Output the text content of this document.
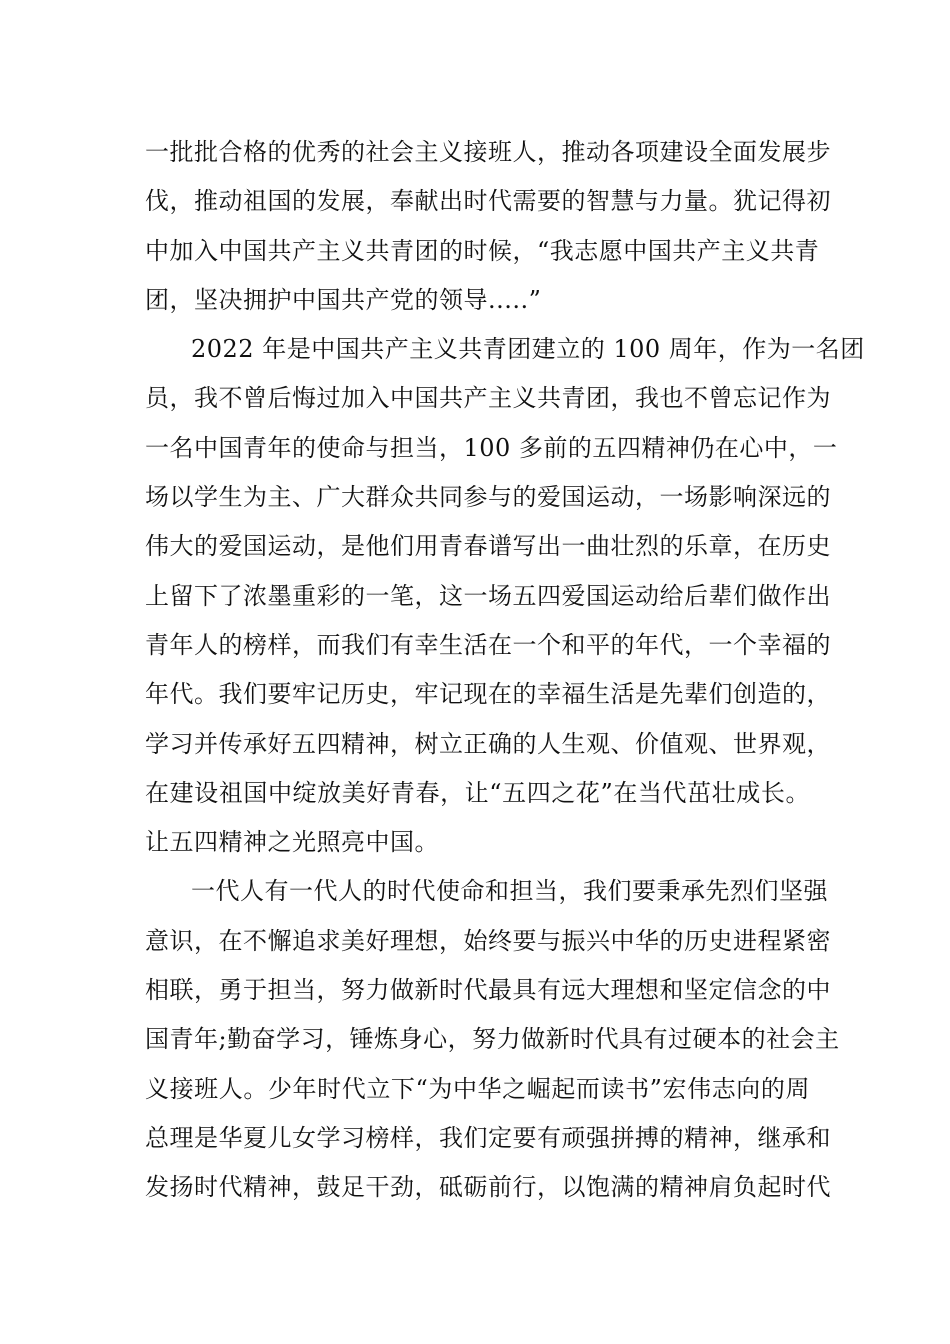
一批批合格的优秀的社会主义接班人，推动各项建设全面发展步
伐，推动祖国的发展，奉献出时代需要的智慧与力量。犹记得初
中加入中国共产主义共青团的时候，“我志愿中国共产主义共青
团，坚决拥护中国共产党的领导.....”
2022 年是中国共产主义共青团建立的 100 周年，作为一名团
员，我不曾后悔过加入中国共产主义共青团，我也不曾忘记作为
一名中国青年的使命与担当，100 多前的五四精神仍在心中，一
场以学生为主、广大群众共同参与的爱国运动，一场影响深远的
伟大的爱国运动，是他们用青春谱写出一曲壮烈的乐章，在历史
上留下了浓墨重彩的一笔，这一场五四爱国运动给后辈们做作出
青年人的榜样，而我们有幸生活在一个和平的年代，一个幸福的
年代。我们要牢记历史，牢记现在的幸福生活是先辈们创造的，
学习并传承好五四精神，树立正确的人生观、价值观、世界观，
在建设祖国中绽放美好青春，让“五四之花”在当代茁壮成长。
让五四精神之光照亮中国。
一代人有一代人的时代使命和担当，我们要秉承先烈们坚强
意识，在不懈追求美好理想，始终要与振兴中华的历史进程紧密
相联，勇于担当，努力做新时代最具有远大理想和坚定信念的中
国青年;勤奋学习，锤炼身心，努力做新时代具有过硬本的社会主
义接班人。少年时代立下“为中华之崛起而读书”宏伟志向的周
总理是华夏儿女学习榜样，我们定要有顽强拼搏的精神，继承和
发扬时代精神，鼓足干劲，砥砺前行，以饱满的精神肩负起时代
